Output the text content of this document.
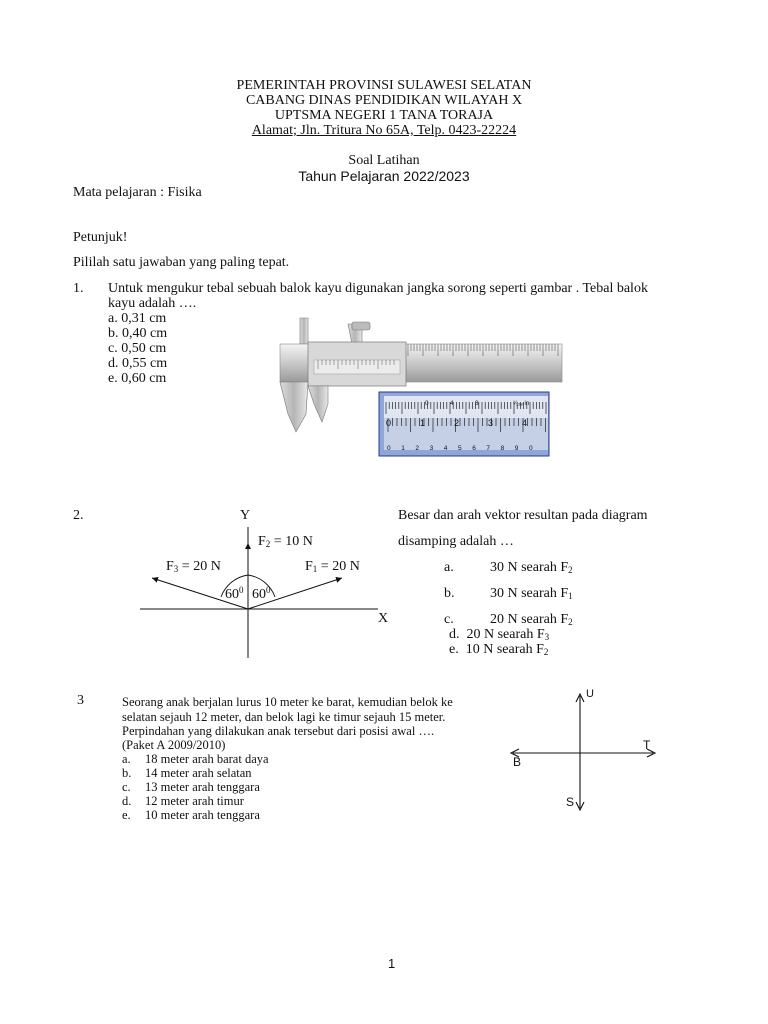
PEMERINTAH PROVINSI SULAWESI SELATAN
CABANG DINAS PENDIDIKAN WILAYAH X
UPTSMA NEGERI 1 TANA TORAJA
Alamat; Jln. Tritura No 65A, Telp. 0423-22224
Soal Latihan
Tahun Pelajaran 2022/2023
Mata pelajaran : Fisika
Petunjuk!
Pililah satu jawaban yang paling tepat.
1. Untuk mengukur tebal sebuah balok kayu digunakan jangka sorong seperti gambar . Tebal balok
kayu adalah ….
a. 0,31 cm
b. 0,40 cm
c. 0,50 cm
d. 0,55 cm
e. 0,60 cm
0	4	8	¹⁄₁₂₈ in
0	1	2	3	4
0 1 2 3 4 5 6 7 8 9 0
2.	Y
X
$F_2 = 10$ N
$F_3 = 20$ N	$F_1 = 20$ N
$60^0$ $60^0$
Besar dan arah vektor resultan pada diagram
disamping adalah …
a.	30 N searah $F_2$
b.	30 N searah $F_1$
c.	20 N searah $F_2$
d. 20 N searah $F_3$
e. 10 N searah $F_2$
3	Seorang anak berjalan lurus 10 meter ke barat, kemudian belok ke
selatan sejauh 12 meter, dan belok lagi ke timur sejauh 15 meter.
Perpindahan yang dilakukan anak tersebut dari posisi awal ….
(Paket A 2009/2010)
a. 18 meter arah barat daya
b. 14 meter arah selatan
c. 13 meter arah tenggara
d. 12 meter arah timur
e. 10 meter arah tenggara
U
T
B
S
1
